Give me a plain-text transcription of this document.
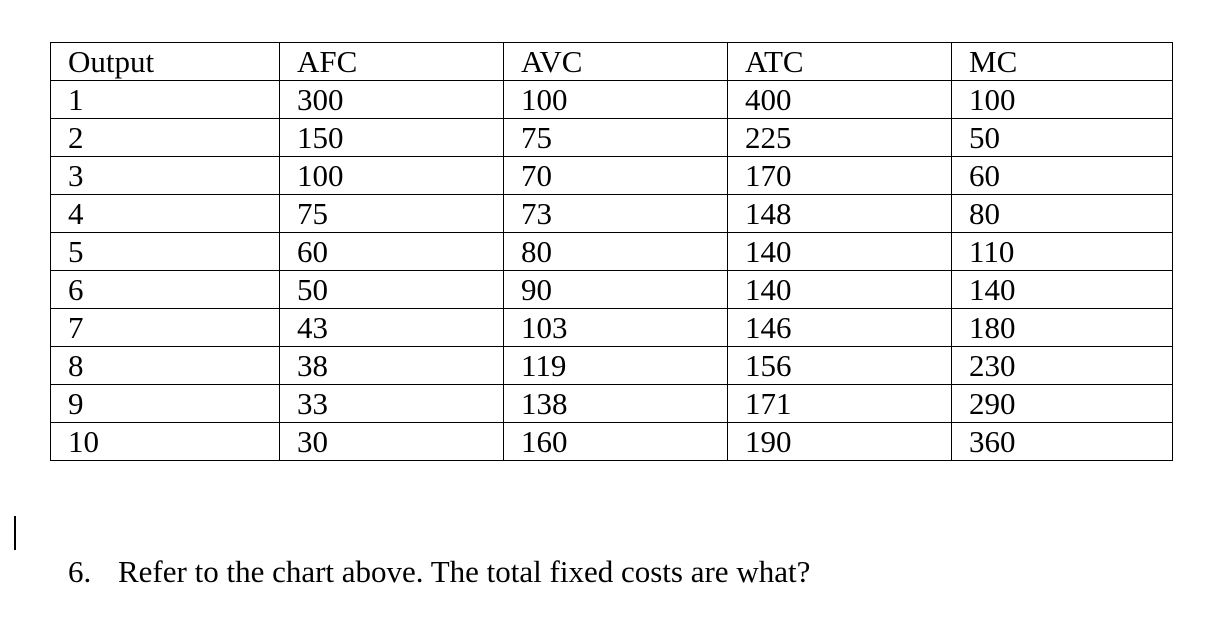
Output	AFC	AVC	ATC	MC
1	300	100	400	100
2	150	75	225	50
3	100	70	170	60
4	75	73	148	80
5	60	80	140	110
6	50	90	140	140
7	43	103	146	180
8	38	119	156	230
9	33	138	171	290
10	30	160	190	360
6. Refer to the chart above. The total fixed costs are what?
